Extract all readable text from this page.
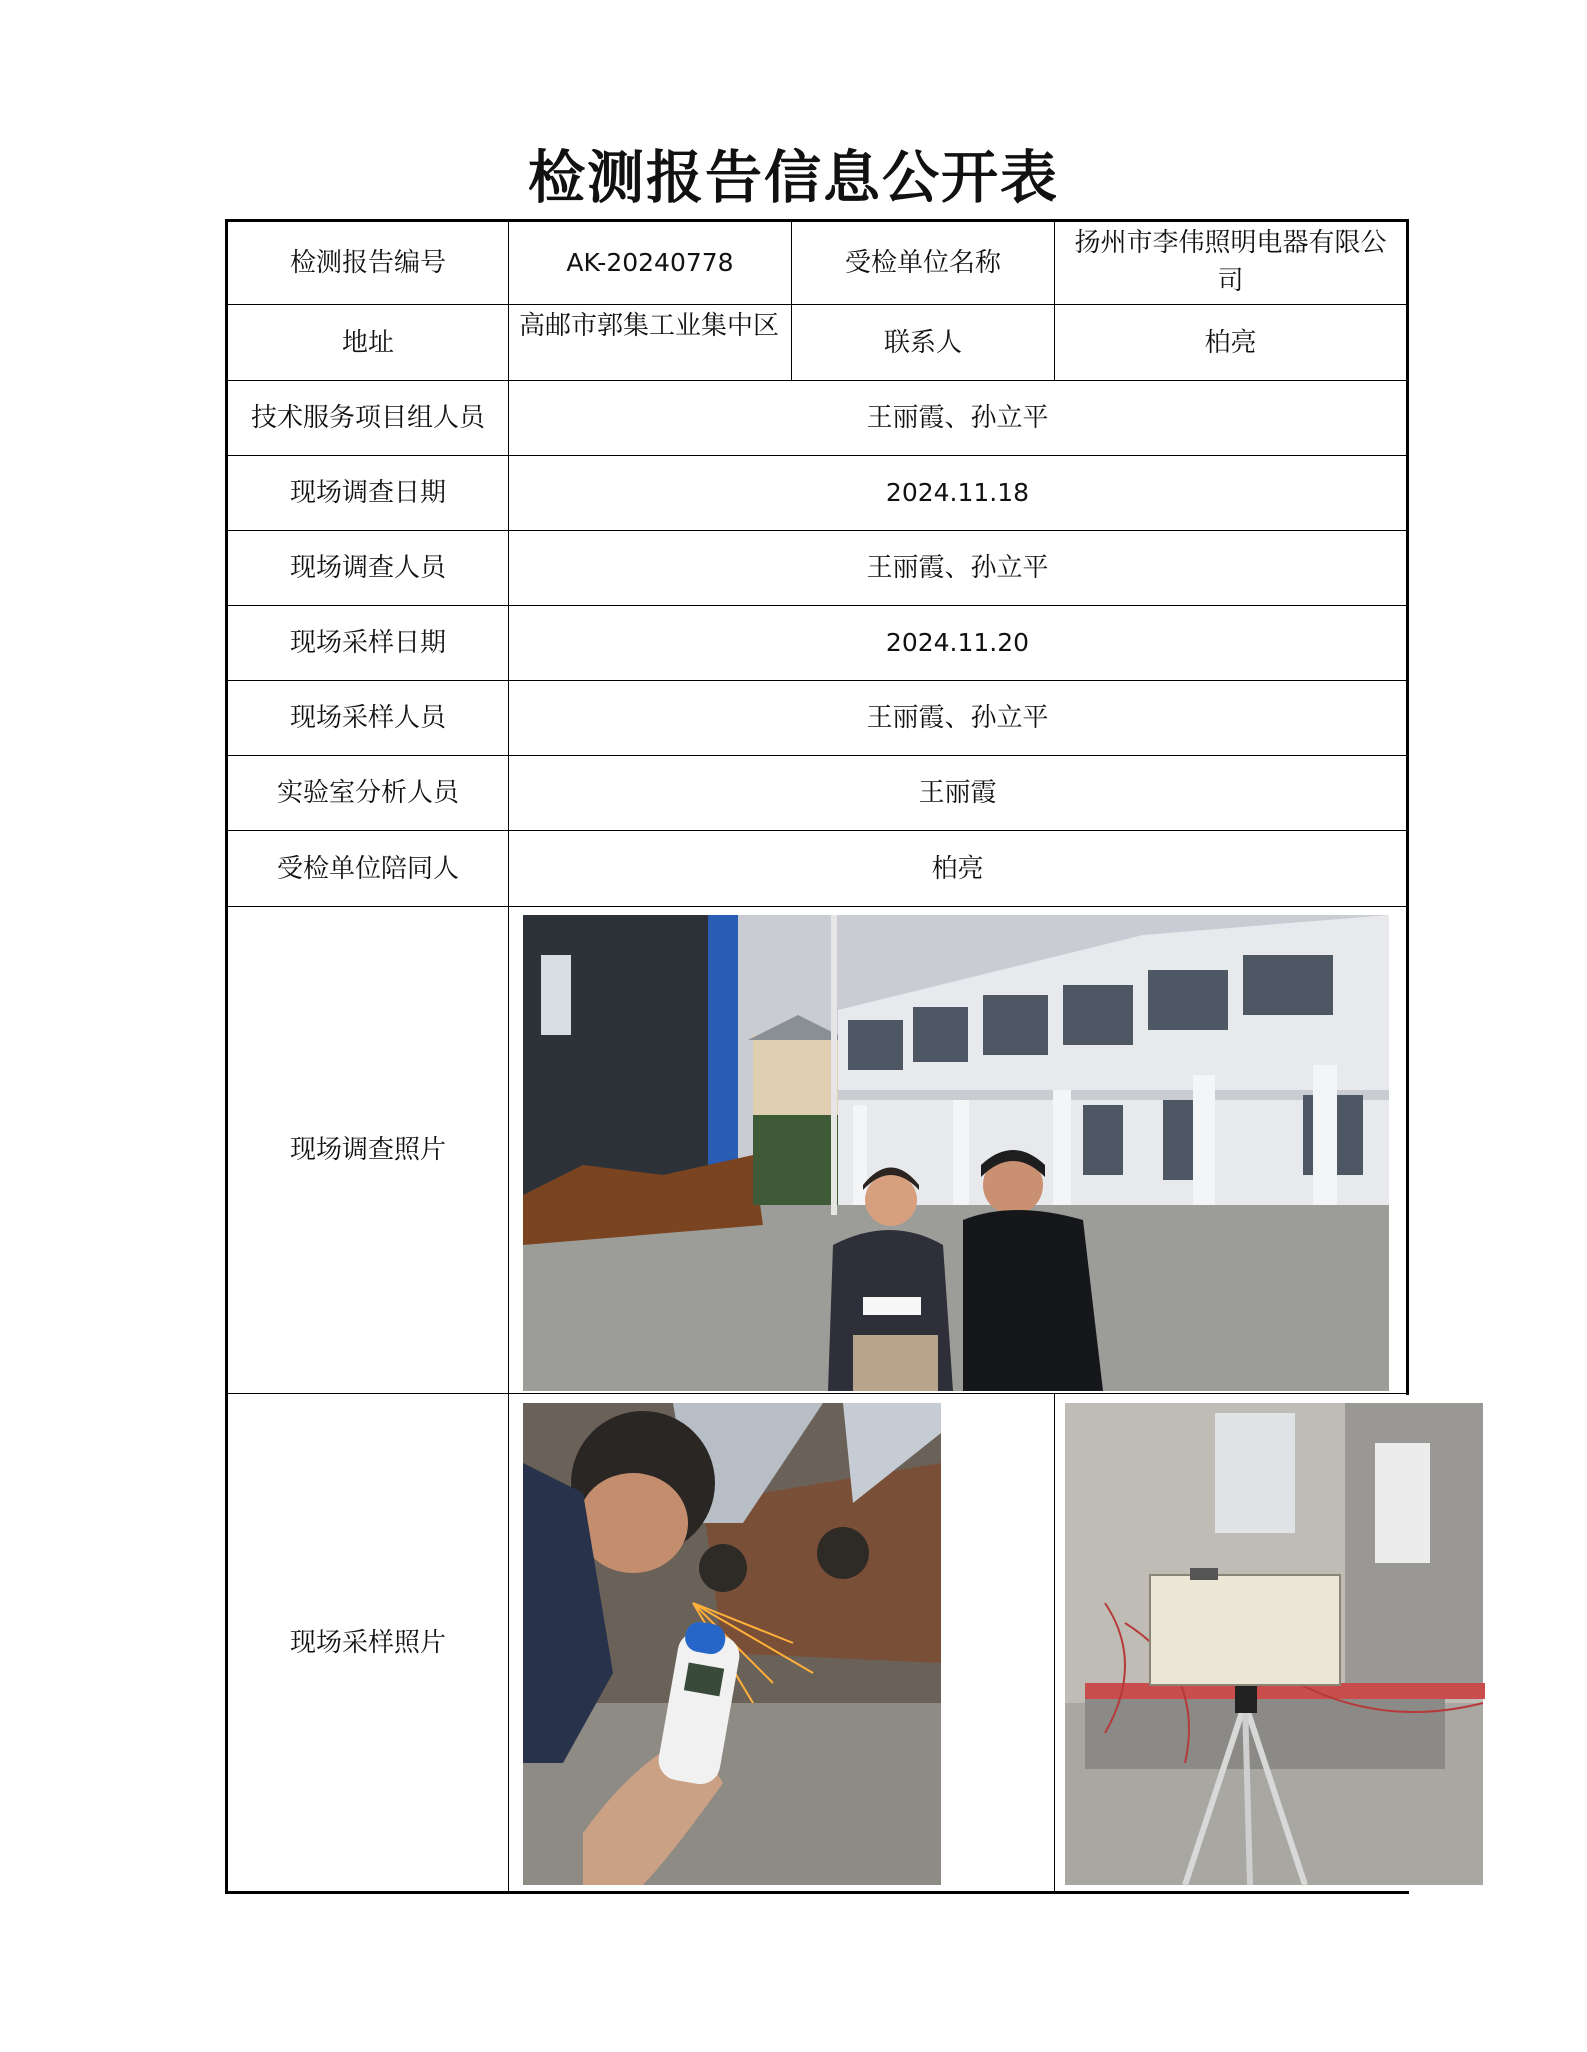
检测报告信息公开表
检测报告编号	AK-20240778	受检单位名称	扬州市李伟照明电器有限公司
地址	高邮市郭集工业集中区	联系人	柏亮
技术服务项目组人员	王丽霞、孙立平		
现场调查日期	2024.11.18		
现场调查人员	王丽霞、孙立平		
现场采样日期	2024.11.20		
现场采样人员	王丽霞、孙立平		
实验室分析人员	王丽霞		
受检单位陪同人	柏亮		
现场调查照片	

现场采样照片	
